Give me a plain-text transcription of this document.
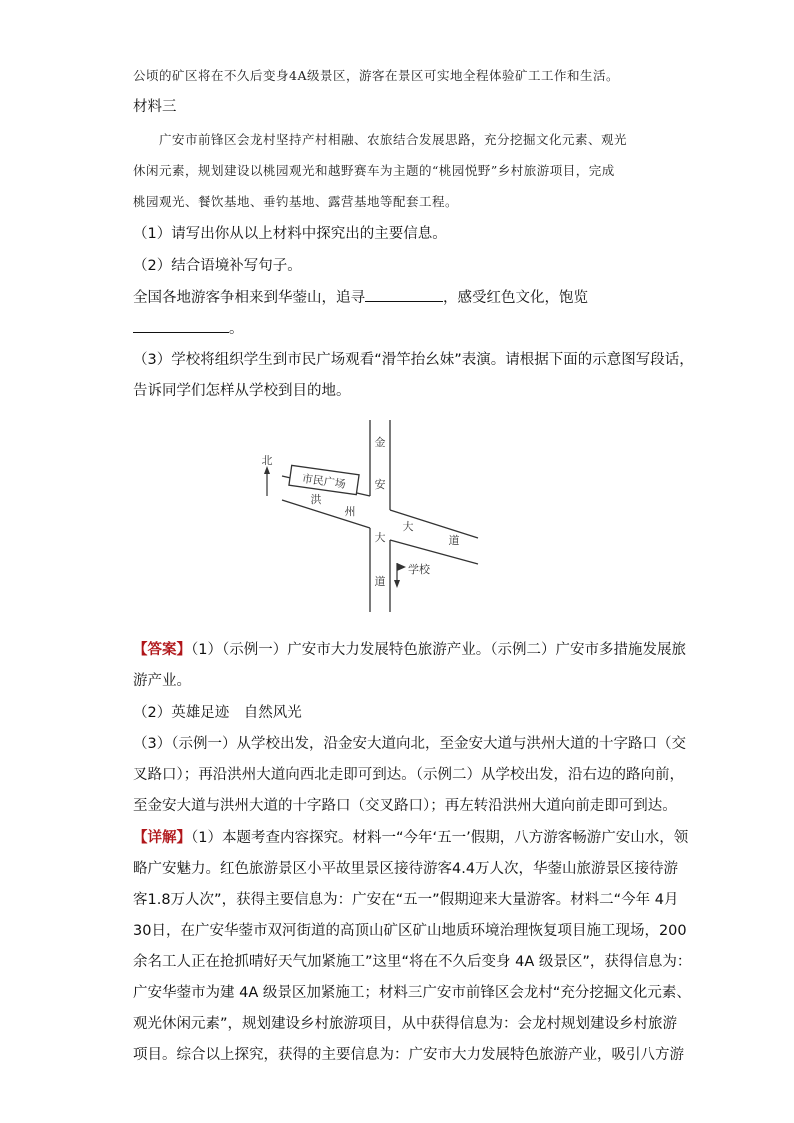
公顷的矿区将在不久后变身4A级景区，游客在景区可实地全程体验矿工工作和生活。
材料三
广安市前锋区会龙村坚持产村相融、农旅结合发展思路，充分挖掘文化元素、观光
休闲元素，规划建设以桃园观光和越野赛车为主题的“桃园悦野”乡村旅游项目，完成
桃园观光、餐饮基地、垂钓基地、露营基地等配套工程。
（1）请写出你从以上材料中探究出的主要信息。
（2）结合语境补写句子。
全国各地游客争相来到华蓥山，追寻	，感受红色文化，饱览
。
（3）学校将组织学生到市民广场观看“滑竿抬幺妹”表演。请根据下面的示意图写段话，
告诉同学们怎样从学校到目的地。
市民广场
北
金
安
大
道
洪
州
大
道
学校
【答案】（1）（示例一）广安市大力发展特色旅游产业。（示例二）广安市多措施发展旅
游产业。
（2）英雄足迹　自然风光
（3）（示例一）从学校出发，沿金安大道向北，至金安大道与洪州大道的十字路口（交
叉路口）；再沿洪州大道向西北走即可到达。（示例二）从学校出发，沿右边的路向前，
至金安大道与洪州大道的十字路口（交叉路口）；再左转沿洪州大道向前走即可到达。
【详解】（1）本题考查内容探究。材料一“今年‘五一’假期，八方游客畅游广安山水，领
略广安魅力。红色旅游景区小平故里景区接待游客4.4万人次，华蓥山旅游景区接待游
客1.8万人次”，获得主要信息为：广安在“五一”假期迎来大量游客。材料二“今年 4月
30日，在广安华蓥市双河街道的高顶山矿区矿山地质环境治理恢复项目施工现场，200
余名工人正在抢抓晴好天气加紧施工”这里“将在不久后变身 4A 级景区”，获得信息为：
广安华蓥市为建 4A 级景区加紧施工；材料三广安市前锋区会龙村“充分挖掘文化元素、
观光休闲元素”，规划建设乡村旅游项目，从中获得信息为：会龙村规划建设乡村旅游
项目。综合以上探究，获得的主要信息为：广安市大力发展特色旅游产业，吸引八方游
